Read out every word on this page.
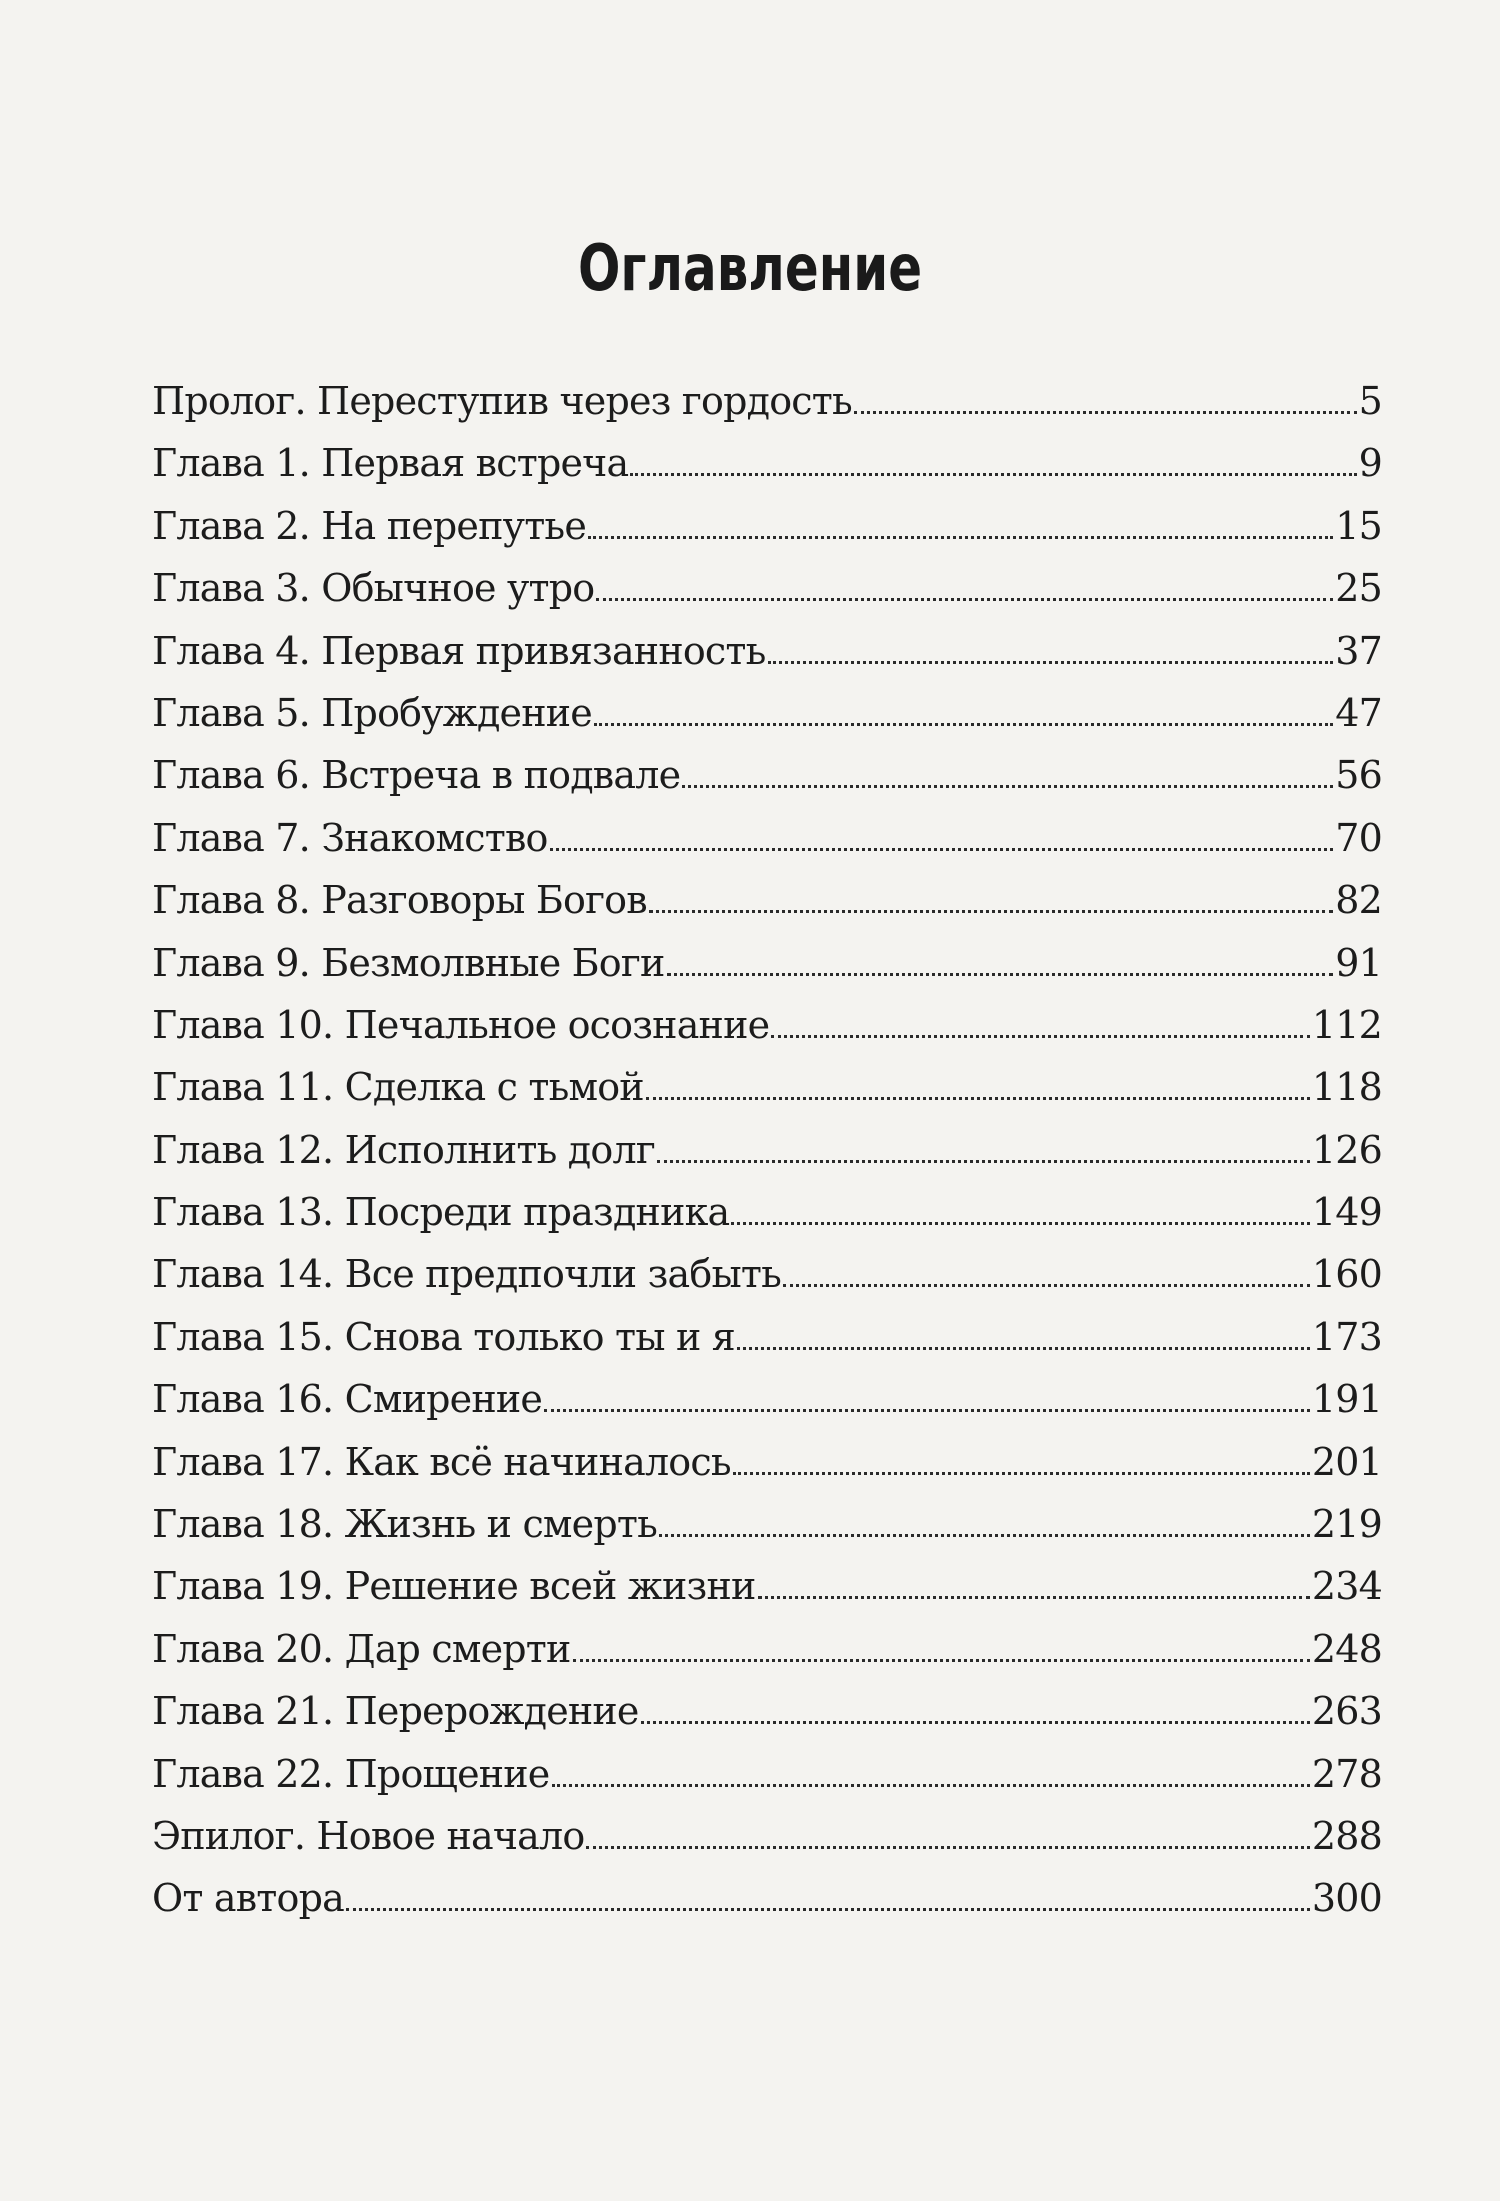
Оглавление
Пролог. Переступив через гордость	5
Глава 1. Первая встреча	9
Глава 2. На перепутье	15
Глава 3. Обычное утро	25
Глава 4. Первая привязанность	37
Глава 5. Пробуждение	47
Глава 6. Встреча в подвале	56
Глава 7. Знакомство	70
Глава 8. Разговоры Богов	82
Глава 9. Безмолвные Боги	91
Глава 10. Печальное осознание	112
Глава 11. Сделка с тьмой	118
Глава 12. Исполнить долг	126
Глава 13. Посреди праздника	149
Глава 14. Все предпочли забыть	160
Глава 15. Снова только ты и я	173
Глава 16. Смирение	191
Глава 17. Как всё начиналось	201
Глава 18. Жизнь и смерть	219
Глава 19. Решение всей жизни	234
Глава 20. Дар смерти	248
Глава 21. Перерождение	263
Глава 22. Прощение	278
Эпилог. Новое начало	288
От автора	300
